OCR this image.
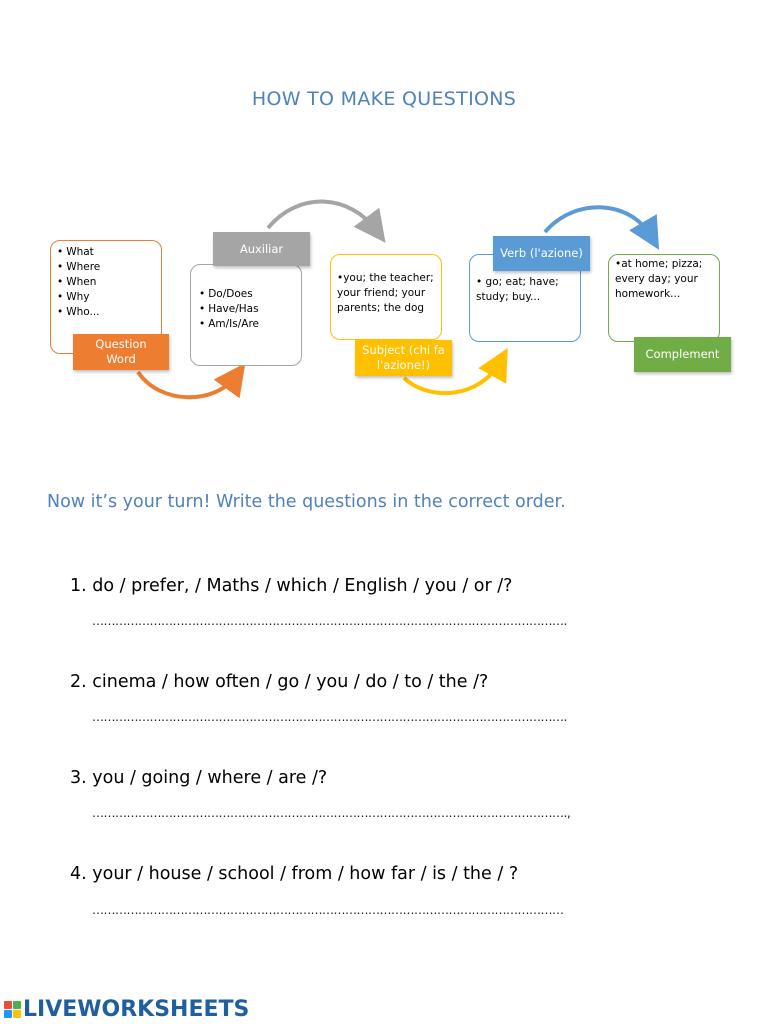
HOW TO MAKE QUESTIONS
• What
• Where
• When
• Why
• Who...
Question Word
• Do/Does
• Have/Has
• Am/Is/Are
Auxiliar
•you; the teacher; your friend; your parents; the dog
Subject (chi fa l'azione!)
• go; eat; have; study; buy...
Verb (l'azione)
•at home; pizza; every day; your homework...
Complement
Now it’s your turn! Write the questions in the correct order.
1. do / prefer, / Maths / which / English / you / or /?
…………………………………………………………………………………………………………….
2. cinema / how often / go / you / do / to / the /?
…………………………………………………………………………………………………………….
3. you / going / where / are /?
…………………………………………………………………………………………………………….,
4. your / house / school / from / how far / is / the / ?
……………………………………………………………………………………………………………
LIVEWORKSHEETS
